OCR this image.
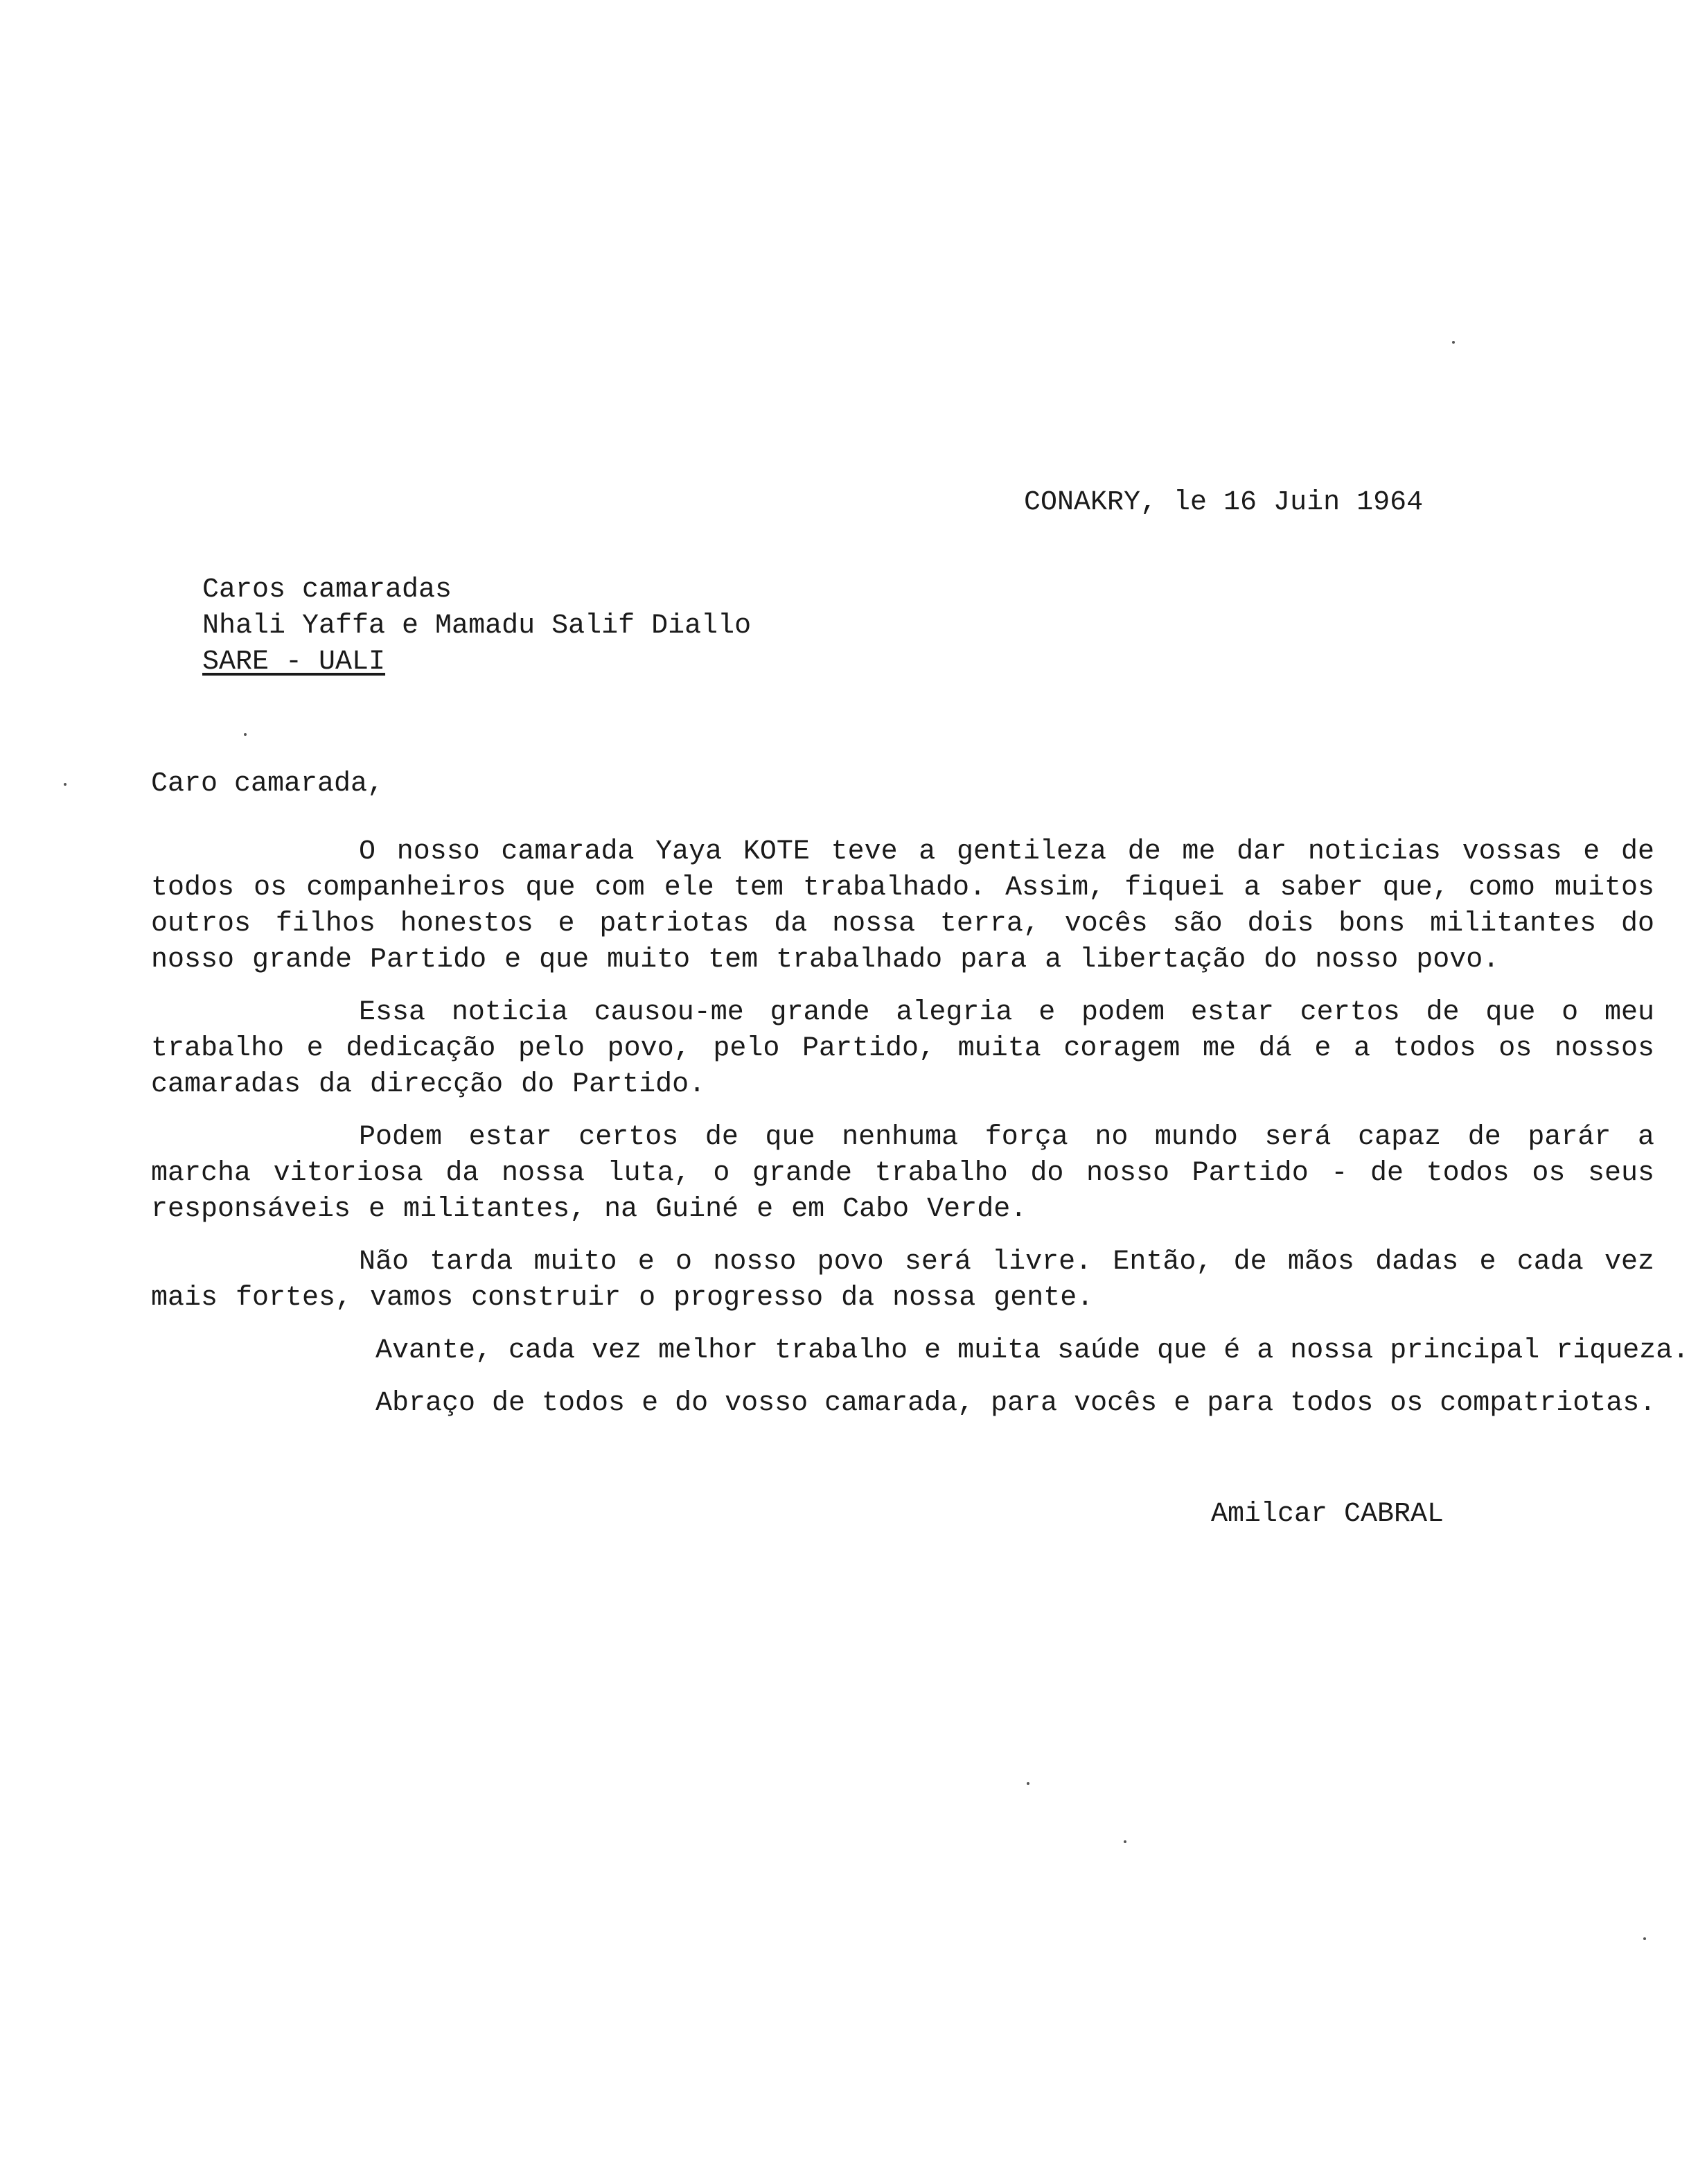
CONAKRY, le 16 Juin 1964
Caros camaradas
Nhali Yaffa e Mamadu Salif Diallo
SARE - UALI
Caro camarada,

O nosso camarada Yaya KOTE teve a gentileza de me dar noticias vossas e de todos os companheiros que com ele tem trabalhado. Assim, fiquei a saber que, como muitos outros filhos honestos e patriotas da nossa terra, vocês são dois bons militantes do nosso grande Partido e que muito tem trabalhado para a libertação do nosso povo.

Essa noticia causou-me grande alegria e podem estar certos de que o meu trabalho e dedicação pelo povo, pelo Partido, muita coragem me dá e a todos os nossos camaradas da direcção do Partido.

Podem estar certos de que nenhuma força no mundo será capaz de parár a marcha vitoriosa da nossa luta, o grande trabalho do nosso Partido - de todos os seus responsáveis e militantes, na Guiné e em Cabo Verde.

Não tarda muito e o nosso povo será livre. Então, de mãos dadas e cada vez mais fortes, vamos construir o progresso da nossa gente.

Avante, cada vez melhor trabalho e muita saúde que é a nossa principal riqueza.

Abraço de todos e do vosso camarada, para vocês e para todos os compatriotas.

Amilcar CABRAL
